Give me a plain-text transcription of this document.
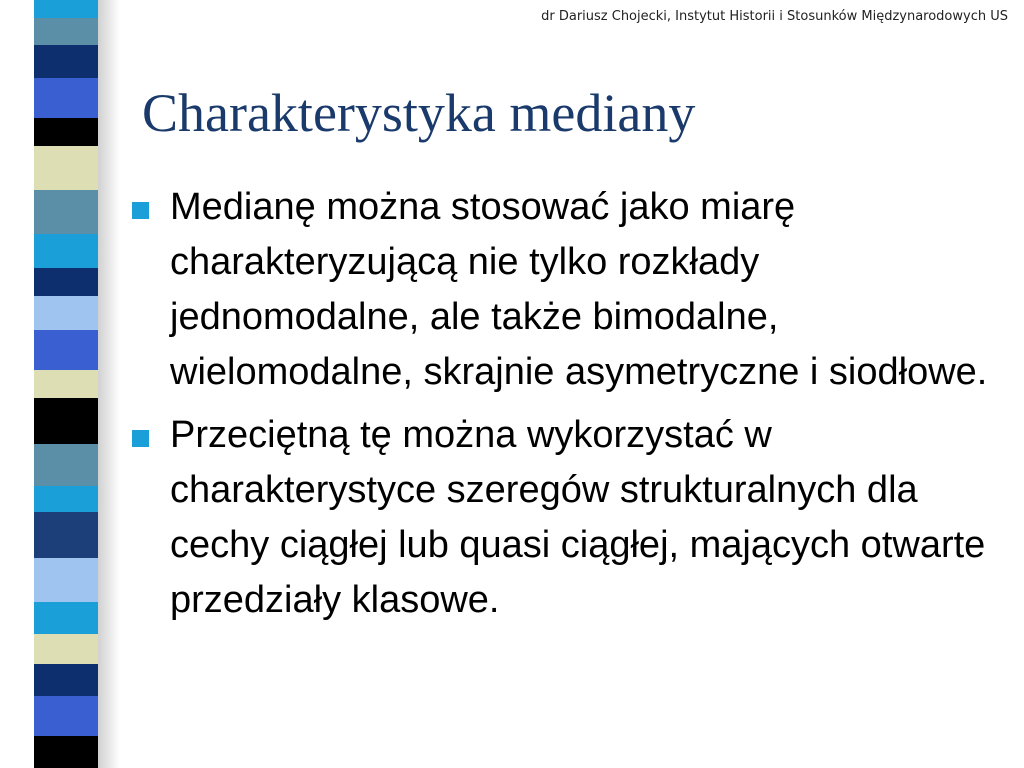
dr Dariusz Chojecki, Instytut Historii i Stosunków Międzynarodowych US
Charakterystyka mediany
Medianę można stosować jako miarę charakteryzującą nie tylko rozkłady jednomodalne, ale także bimodalne, wielomodalne, skrajnie asymetryczne i siodłowe.
Przeciętną tę można wykorzystać w charakterystyce szeregów strukturalnych dla cechy ciągłej lub quasi ciągłej, mających otwarte przedziały klasowe.
